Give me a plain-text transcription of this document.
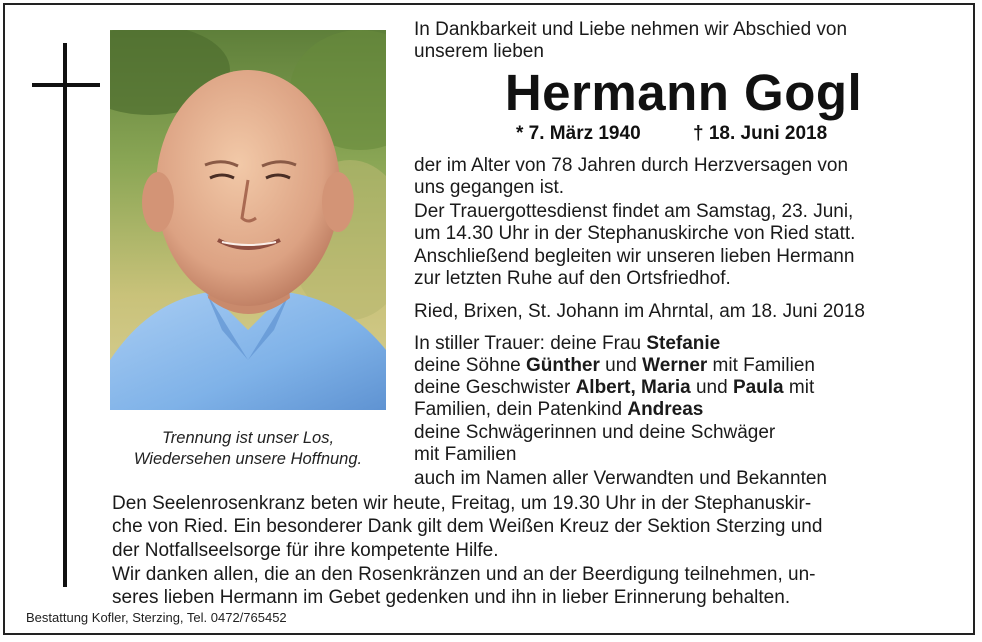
Trennung ist unser Los,
Wiedersehen unsere Hoffnung.
In Dankbarkeit und Liebe nehmen wir Abschied von
unserem lieben
Hermann Gogl
* 7. März 1940	† 18. Juni 2018
der im Alter von 78 Jahren durch Herzversagen von
uns gegangen ist.
Der Trauergottesdienst findet am Samstag, 23. Juni,
um 14.30 Uhr in der Stephanuskirche von Ried statt.
Anschließend begleiten wir unseren lieben Hermann
zur letzten Ruhe auf den Ortsfriedhof.
Ried, Brixen, St. Johann im Ahrntal, am 18. Juni 2018
In stiller Trauer: deine Frau Stefanie
deine Söhne Günther und Werner mit Familien
deine Geschwister Albert, Maria und Paula mit
Familien, dein Patenkind Andreas
deine Schwägerinnen und deine Schwäger
mit Familien
auch im Namen aller Verwandten und Bekannten
Den Seelenrosenkranz beten wir heute, Freitag, um 19.30 Uhr in der Stephanuskir-
che von Ried. Ein besonderer Dank gilt dem Weißen Kreuz der Sektion Sterzing und
der Notfallseelsorge für ihre kompetente Hilfe.
Wir danken allen, die an den Rosenkränzen und an der Beerdigung teilnehmen, un-
seres lieben Hermann im Gebet gedenken und ihn in lieber Erinnerung behalten.
Bestattung Kofler, Sterzing, Tel. 0472/765452
